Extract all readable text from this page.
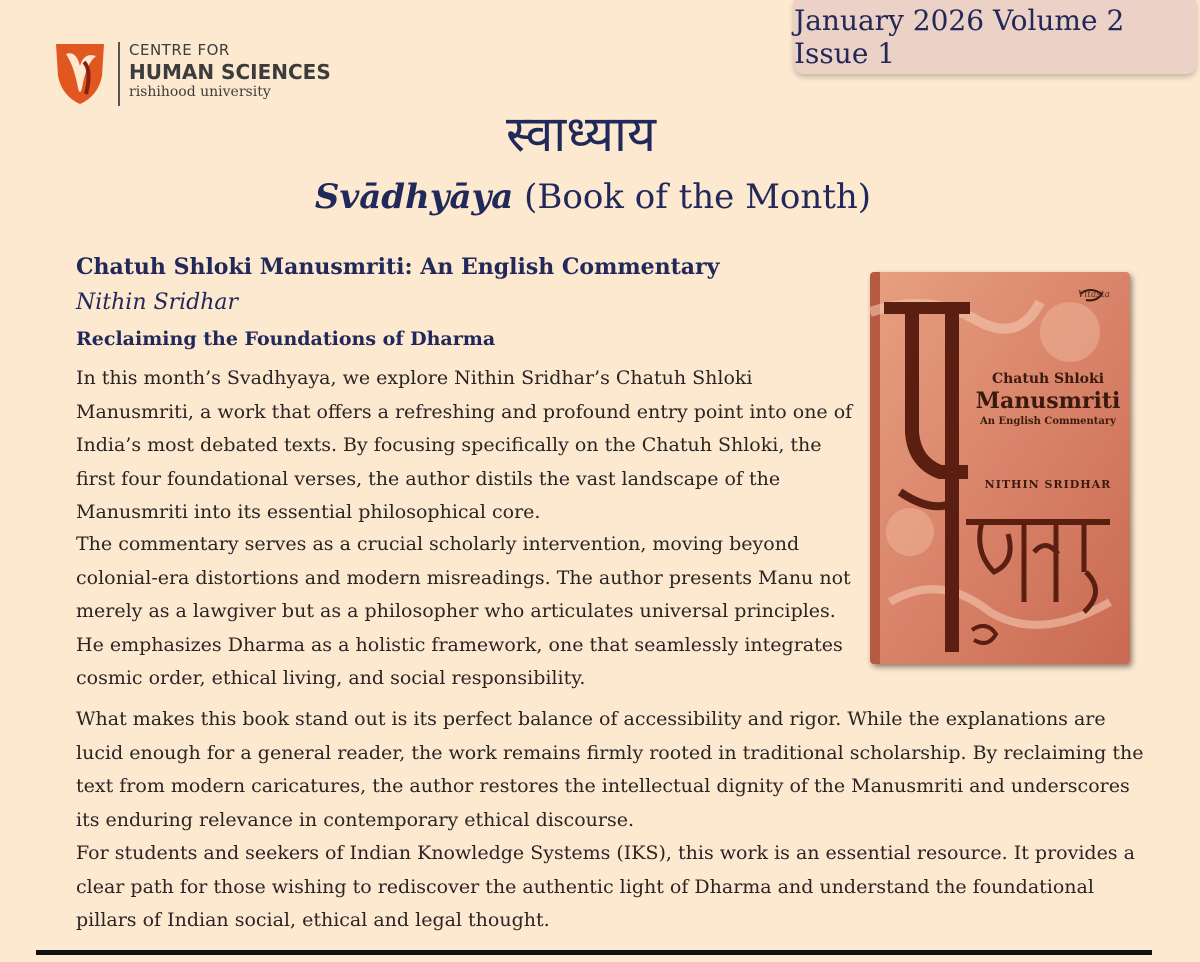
January 2026 Volume 2 Issue 1
CENTRE FOR
HUMAN SCIENCES
rishihood university
स्वाध्याय
Svādhyāya (Book of the Month)
Chatuh Shloki Manusmriti: An English Commentary
Nithin Sridhar
Reclaiming the Foundations of Dharma

In this month’s Svadhyaya, we explore Nithin Sridhar’s Chatuh Shloki Manusmriti, a work that offers a refreshing and profound entry point into one of India’s most debated texts. By focusing specifically on the Chatuh Shloki, the first four foundational verses, the author distils the vast landscape of the Manusmriti into its essential philosophical core.

The commentary serves as a crucial scholarly intervention, moving beyond colonial-era distortions and modern misreadings. The author presents Manu not merely as a lawgiver but as a philosopher who articulates universal principles. He emphasizes Dharma as a holistic framework, one that seamlessly integrates cosmic order, ethical living, and social responsibility.

What makes this book stand out is its perfect balance of accessibility and rigor. While the explanations are lucid enough for a general reader, the work remains firmly rooted in traditional scholarship. By reclaiming the text from modern caricatures, the author restores the intellectual dignity of the Manusmriti and underscores its enduring relevance in contemporary ethical discourse.

For students and seekers of Indian Knowledge Systems (IKS), this work is an essential resource. It provides a clear path for those wishing to rediscover the authentic light of Dharma and understand the foundational pillars of Indian social, ethical and legal thought.

Vitasta
Chatuh Shloki
Manusmriti
An English Commentary
NITHIN SRIDHAR
